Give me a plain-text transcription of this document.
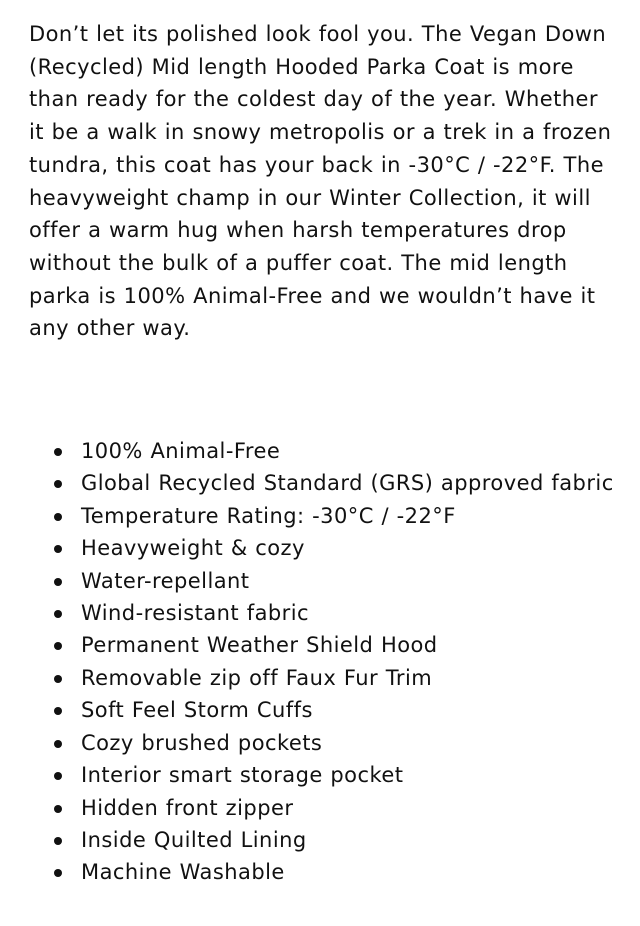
Don’t let its polished look fool you. The Vegan Down (Recycled) Mid length Hooded Parka Coat is more than ready for the coldest day of the year. Whether it be a walk in snowy metropolis or a trek in a frozen tundra, this coat has your back in -30°C / -22°F. The heavyweight champ in our Winter Collection, it will offer a warm hug when harsh temperatures drop without the bulk of a puffer coat. The mid length parka is 100% Animal-Free and we wouldn’t have it any other way.

100% Animal-Free
Global Recycled Standard (GRS) approved fabric
Temperature Rating: -30°C / -22°F
Heavyweight & cozy
Water-repellant
Wind-resistant fabric
Permanent Weather Shield Hood
Removable zip off Faux Fur Trim
Soft Feel Storm Cuffs
Cozy brushed pockets
Interior smart storage pocket
Hidden front zipper
Inside Quilted Lining
Machine Washable
